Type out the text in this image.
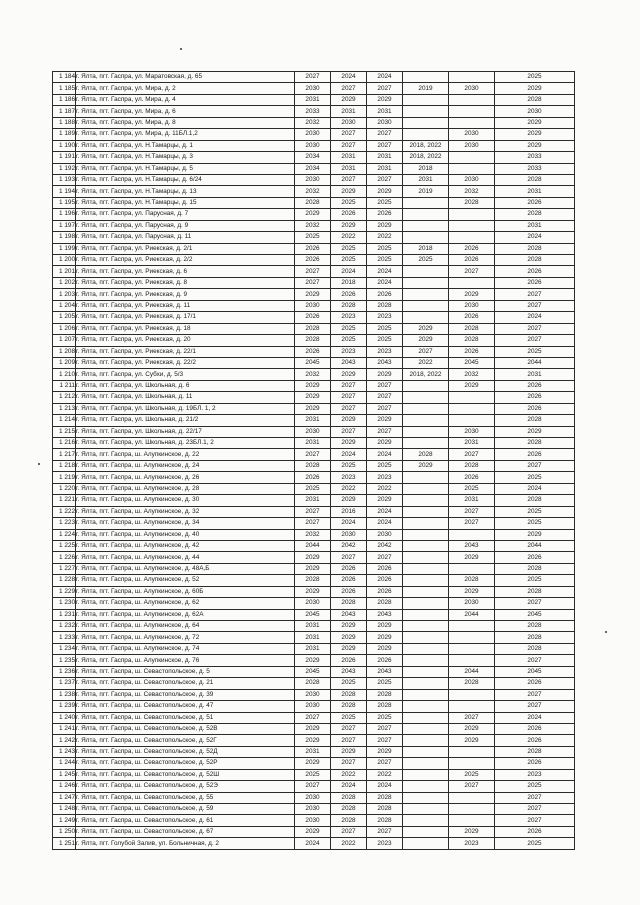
1 184	г. Ялта, пгт. Гаспра, ул. Маратовская, д. 65	2027	2024	2024			2025
1 185	г. Ялта, пгт. Гаспра, ул. Мира, д. 2	2030	2027	2027	2019	2030	2029
1 186	г. Ялта, пгт. Гаспра, ул. Мира, д. 4	2031	2029	2029			2028
1 187	г. Ялта, пгт. Гаспра, ул. Мира, д. 6	2033	2031	2031			2030
1 188	г. Ялта, пгт. Гаспра, ул. Мира, д. 8	2032	2030	2030			2029
1 189	г. Ялта, пгт. Гаспра, ул. Мира, д. 11БЛ.1,2	2030	2027	2027		2030	2029
1 190	г. Ялта, пгт. Гаспра, ул. Н.Тамарцы, д. 1	2030	2027	2027	2018, 2022	2030	2029
1 191	г. Ялта, пгт. Гаспра, ул. Н.Тамарцы, д. 3	2034	2031	2031	2018, 2022		2033
1 192	г. Ялта, пгт. Гаспра, ул. Н.Тамарцы, д. 5	2034	2031	2031	2018		2033
1 193	г. Ялта, пгт. Гаспра, ул. Н.Тамарцы, д. 6/24	2030	2027	2027	2031	2030	2028
1 194	г. Ялта, пгт. Гаспра, ул. Н.Тамарцы, д. 13	2032	2029	2029	2019	2032	2031
1 195	г. Ялта, пгт. Гаспра, ул. Н.Тамарцы, д. 15	2028	2025	2025		2028	2026
1 196	г. Ялта, пгт. Гаспра, ул. Парусная, д. 7	2029	2026	2026			2028
1 197	г. Ялта, пгт. Гаспра, ул. Парусная, д. 9	2032	2029	2029			2031
1 198	г. Ялта, пгт. Гаспра, ул. Парусная, д. 11	2025	2022	2022			2024
1 199	г. Ялта, пгт. Гаспра, ул. Риекская, д. 2/1	2026	2025	2025	2018	2026	2028
1 200	г. Ялта, пгт. Гаспра, ул. Риекская, д. 2/2	2026	2025	2025	2025	2026	2028
1 201	г. Ялта, пгт. Гаспра, ул. Риекская, д. 6	2027	2024	2024		2027	2026
1 202	г. Ялта, пгт. Гаспра, ул. Риекская, д. 8	2027	2018	2024			2026
1 203	г. Ялта, пгт. Гаспра, ул. Риекская, д. 9	2029	2026	2026		2029	2027
1 204	г. Ялта, пгт. Гаспра, ул. Риекская, д. 11	2030	2028	2028		2030	2027
1 205	г. Ялта, пгт. Гаспра, ул. Риекская, д. 17/1	2026	2023	2023		2026	2024
1 206	г. Ялта, пгт. Гаспра, ул. Риекская, д. 18	2028	2025	2025	2029	2028	2027
1 207	г. Ялта, пгт. Гаспра, ул. Риекская, д. 20	2028	2025	2025	2029	2028	2027
1 208	г. Ялта, пгт. Гаспра, ул. Риекская, д. 22/1	2026	2023	2023	2027	2026	2025
1 209	г. Ялта, пгт. Гаспра, ул. Риекская, д. 22/2	2045	2043	2043	2022	2045	2044
1 210	г. Ялта, пгт. Гаспра, ул. Субхи, д. 5/3	2032	2029	2029	2018, 2022	2032	2031
1 211	г. Ялта, пгт. Гаспра, ул. Школьная, д. 6	2029	2027	2027		2029	2026
1 212	г. Ялта, пгт. Гаспра, ул. Школьная, д. 11	2029	2027	2027			2026
1 213	г. Ялта, пгт. Гаспра, ул. Школьная, д. 19БЛ. 1, 2	2029	2027	2027			2026
1 214	г. Ялта, пгт. Гаспра, ул. Школьная, д. 21/2	2031	2029	2029			2028
1 215	г. Ялта, пгт. Гаспра, ул. Школьная, д. 22/17	2030	2027	2027		2030	2029
1 216	г. Ялта, пгт. Гаспра, ул. Школьная, д. 23БЛ.1, 2	2031	2029	2029		2031	2028
1 217	г. Ялта, пгт. Гаспра, ш. Алупкинское, д. 22	2027	2024	2024	2028	2027	2026
1 218	г. Ялта, пгт. Гаспра, ш. Алупкинское, д. 24	2028	2025	2025	2029	2028	2027
1 219	г. Ялта, пгт. Гаспра, ш. Алупкинское, д. 26	2026	2023	2023		2026	2025
1 220	г. Ялта, пгт. Гаспра, ш. Алупкинское, д. 28	2025	2022	2022		2025	2024
1 221	г. Ялта, пгт. Гаспра, ш. Алупкинское, д. 30	2031	2029	2029		2031	2028
1 222	г. Ялта, пгт. Гаспра, ш. Алупкинское, д. 32	2027	2016	2024		2027	2025
1 223	г. Ялта, пгт. Гаспра, ш. Алупкинское, д. 34	2027	2024	2024		2027	2025
1 224	г. Ялта, пгт. Гаспра, ш. Алупкинское, д. 40	2032	2030	2030			2029
1 225	г. Ялта, пгт. Гаспра, ш. Алупкинское, д. 42	2044	2042	2042		2043	2044
1 226	г. Ялта, пгт. Гаспра, ш. Алупкинское, д. 44	2029	2027	2027		2029	2026
1 227	г. Ялта, пгт. Гаспра, ш. Алупкинское, д. 48А,Б	2029	2026	2026			2028
1 228	г. Ялта, пгт. Гаспра, ш. Алупкинское, д. 52	2028	2026	2026		2028	2025
1 229	г. Ялта, пгт. Гаспра, ш. Алупкинское, д. 60Б	2029	2026	2026		2029	2028
1 230	г. Ялта, пгт. Гаспра, ш. Алупкинское, д. 62	2030	2028	2028		2030	2027
1 231	г. Ялта, пгт. Гаспра, ш. Алупкинское, д. 62А	2045	2043	2043		2044	2045
1 232	г. Ялта, пгт. Гаспра, ш. Алупкинское, д. 64	2031	2029	2029			2028
1 233	г. Ялта, пгт. Гаспра, ш. Алупкинское, д. 72	2031	2029	2029			2028
1 234	г. Ялта, пгт. Гаспра, ш. Алупкинское, д. 74	2031	2029	2029			2028
1 235	г. Ялта, пгт. Гаспра, ш. Алупкинское, д. 76	2029	2026	2026			2027
1 236	г. Ялта, пгт. Гаспра, ш. Севастопольское, д. 5	2045	2043	2043		2044	2045
1 237	г. Ялта, пгт. Гаспра, ш. Севастопольское, д. 21	2028	2025	2025		2028	2026
1 238	г. Ялта, пгт. Гаспра, ш. Севастопольское, д. 39	2030	2028	2028			2027
1 239	г. Ялта, пгт. Гаспра, ш. Севастопольское, д. 47	2030	2028	2028			2027
1 240	г. Ялта, пгт. Гаспра, ш. Севастопольское, д. 51	2027	2025	2025		2027	2024
1 241	г. Ялта, пгт. Гаспра, ш. Севастопольское, д. 52В	2029	2027	2027		2029	2026
1 242	г. Ялта, пгт. Гаспра, ш. Севастопольское, д. 52Г	2029	2027	2027		2029	2026
1 243	г. Ялта, пгт. Гаспра, ш. Севастопольское, д. 52Д	2031	2029	2029			2028
1 244	г. Ялта, пгт. Гаспра, ш. Севастопольское, д. 52Р	2029	2027	2027			2026
1 245	г. Ялта, пгт. Гаспра, ш. Севастопольское, д. 52Ш	2025	2022	2022		2025	2023
1 246	г. Ялта, пгт. Гаспра, ш. Севастопольское, д. 52Э	2027	2024	2024		2027	2025
1 247	г. Ялта, пгт. Гаспра, ш. Севастопольское, д. 55	2030	2028	2028			2027
1 248	г. Ялта, пгт. Гаспра, ш. Севастопольское, д. 59	2030	2028	2028			2027
1 249	г. Ялта, пгт. Гаспра, ш. Севастопольское, д. 61	2030	2028	2028			2027
1 250	г. Ялта, пгт. Гаспра, ш. Севастопольское, д. 67	2029	2027	2027		2029	2026
1 251	г. Ялта, пгт. Голубой Залив, ул. Больничная, д. 2	2024	2022	2023		2023	2025
